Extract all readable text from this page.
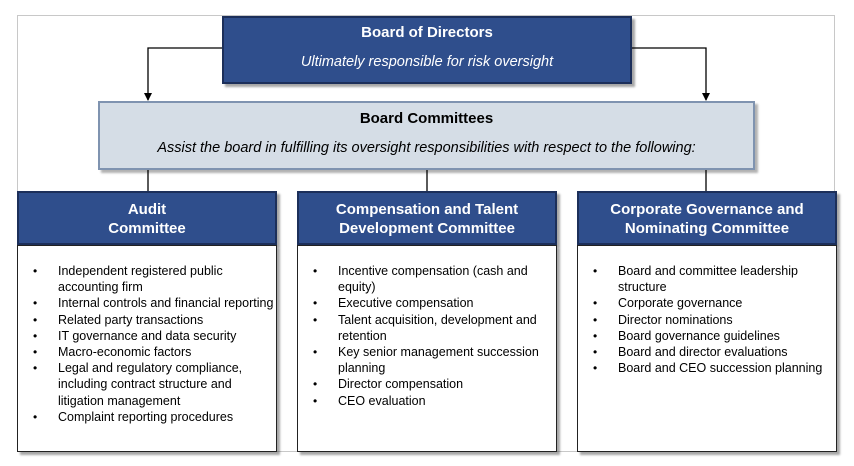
Board of Directors
Ultimately responsible for risk oversight
Board Committees
Assist the board in fulfilling its oversight responsibilities with respect to the following:
Audit
Committee
• Independent registered public accounting firm
• Internal controls and financial reporting
• Related party transactions
• IT governance and data security
• Macro-economic factors
• Legal and regulatory compliance, including contract structure and litigation management
• Complaint reporting procedures
Compensation and Talent
Development Committee
• Incentive compensation (cash and equity)
• Executive compensation
• Talent acquisition, development and retention
• Key senior management succession planning
• Director compensation
• CEO evaluation
Corporate Governance and
Nominating Committee
• Board and committee leadership structure
• Corporate governance
• Director nominations
• Board governance guidelines
• Board and director evaluations
• Board and CEO succession planning
